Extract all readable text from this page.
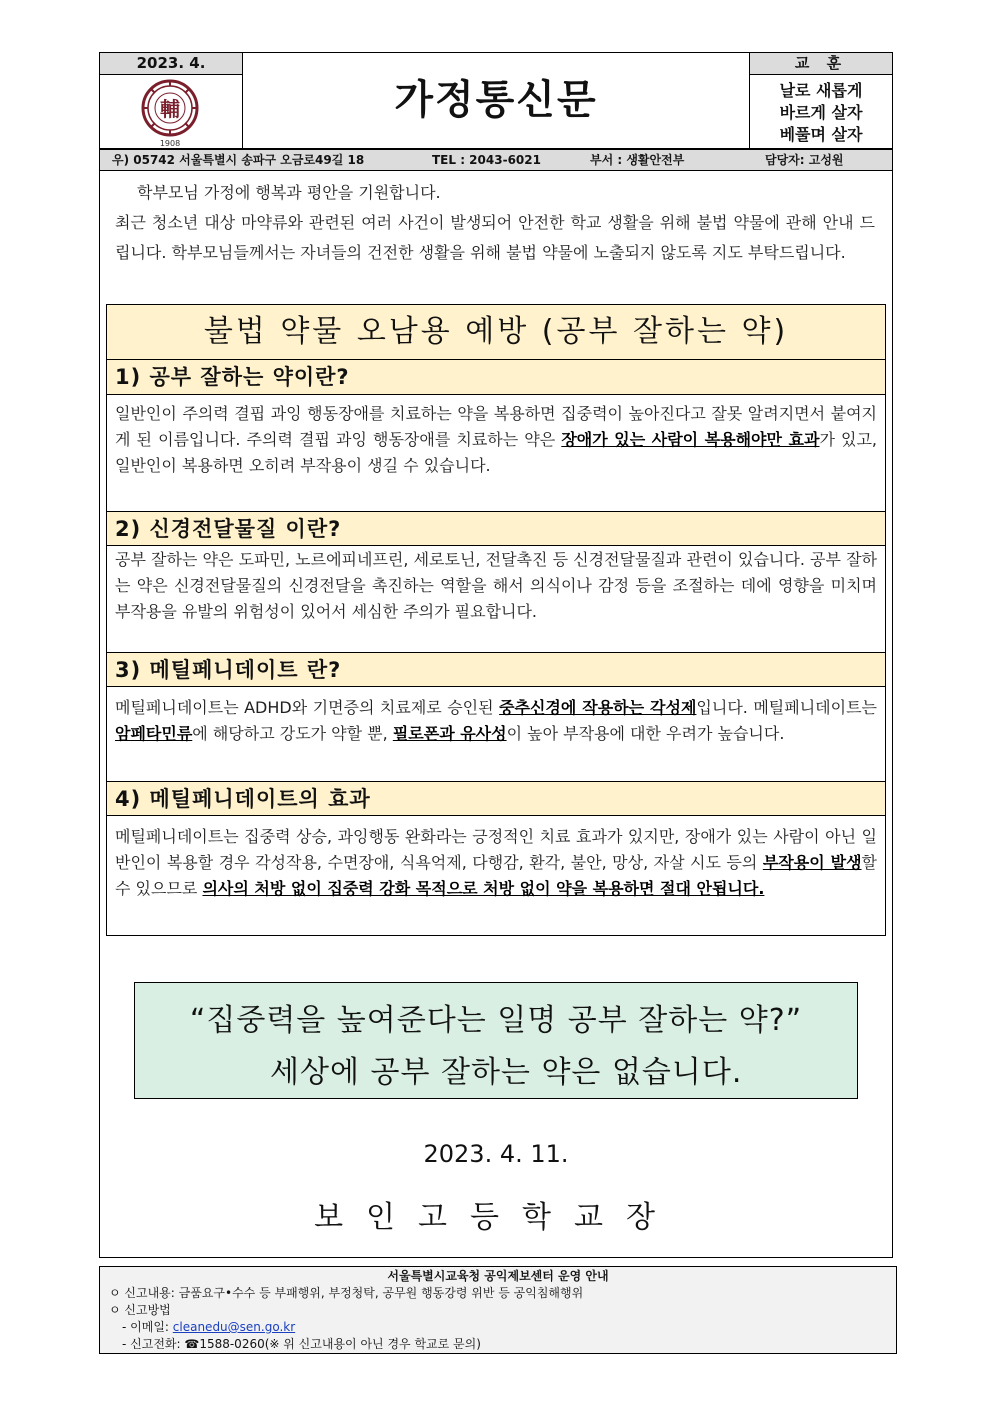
2023. 4.
輔
1908
가정통신문
교 훈
날로 새롭게
바르게 살자
베풀며 살자
우) 05742 서울특별시 송파구 오금로49길 18	TEL : 2043-6021	부서 : 생활안전부	담당자: 고성원

학부모님 가정에 행복과 평안을 기원합니다.

최근 청소년 대상 마약류와 관련된 여러 사건이 발생되어 안전한 학교 생활을 위해 불법 약물에 관해 안내 드립니다. 학부모님들께서는 자녀들의 건전한 생활을 위해 불법 약물에 노출되지 않도록 지도 부탁드립니다.

불법 약물 오남용 예방 (공부 잘하는 약)
1) 공부 잘하는 약이란?
일반인이 주의력 결핍 과잉 행동장애를 치료하는 약을 복용하면 집중력이 높아진다고 잘못 알려지면서 붙여지게 된 이름입니다. 주의력 결핍 과잉 행동장애를 치료하는 약은 장애가 있는 사람이 복용해야만 효과가 있고, 일반인이 복용하면 오히려 부작용이 생길 수 있습니다.
2) 신경전달물질 이란?
공부 잘하는 약은 도파민, 노르에피네프린, 세로토닌, 전달촉진 등 신경전달물질과 관련이 있습니다. 공부 잘하는 약은 신경전달물질의 신경전달을 촉진하는 역할을 해서 의식이나 감정 등을 조절하는 데에 영향을 미치며 부작용을 유발의 위험성이 있어서 세심한 주의가 필요합니다.
3) 메틸페니데이트 란?
메틸페니데이트는 ADHD와 기면증의 치료제로 승인된 중추신경에 작용하는 각성제입니다. 메틸페니데이트는 암페타민류에 해당하고 강도가 약할 뿐, 필로폰과 유사성이 높아 부작용에 대한 우려가 높습니다.
4) 메틸페니데이트의 효과
메틸페니데이트는 집중력 상승, 과잉행동 완화라는 긍정적인 치료 효과가 있지만, 장애가 있는 사람이 아닌 일반인이 복용할 경우 각성작용, 수면장애, 식욕억제, 다행감, 환각, 불안, 망상, 자살 시도 등의 부작용이 발생할 수 있으므로 의사의 처방 없이 집중력 강화 목적으로 처방 없이 약을 복용하면 절대 안됩니다.
“집중력을 높여준다는 일명 공부 잘하는 약?”
세상에 공부 잘하는 약은 없습니다.
2023. 4. 11.
보인고등학교장
서울특별시교육청 공익제보센터 운영 안내
ㅇ 신고내용: 금품요구•수수 등 부패행위, 부정청탁, 공무원 행동강령 위반 등 공익침해행위
ㅇ 신고방법
- 이메일: cleanedu@sen.go.kr
- 신고전화: ☎1588-0260(※ 위 신고내용이 아닌 경우 학교로 문의)
